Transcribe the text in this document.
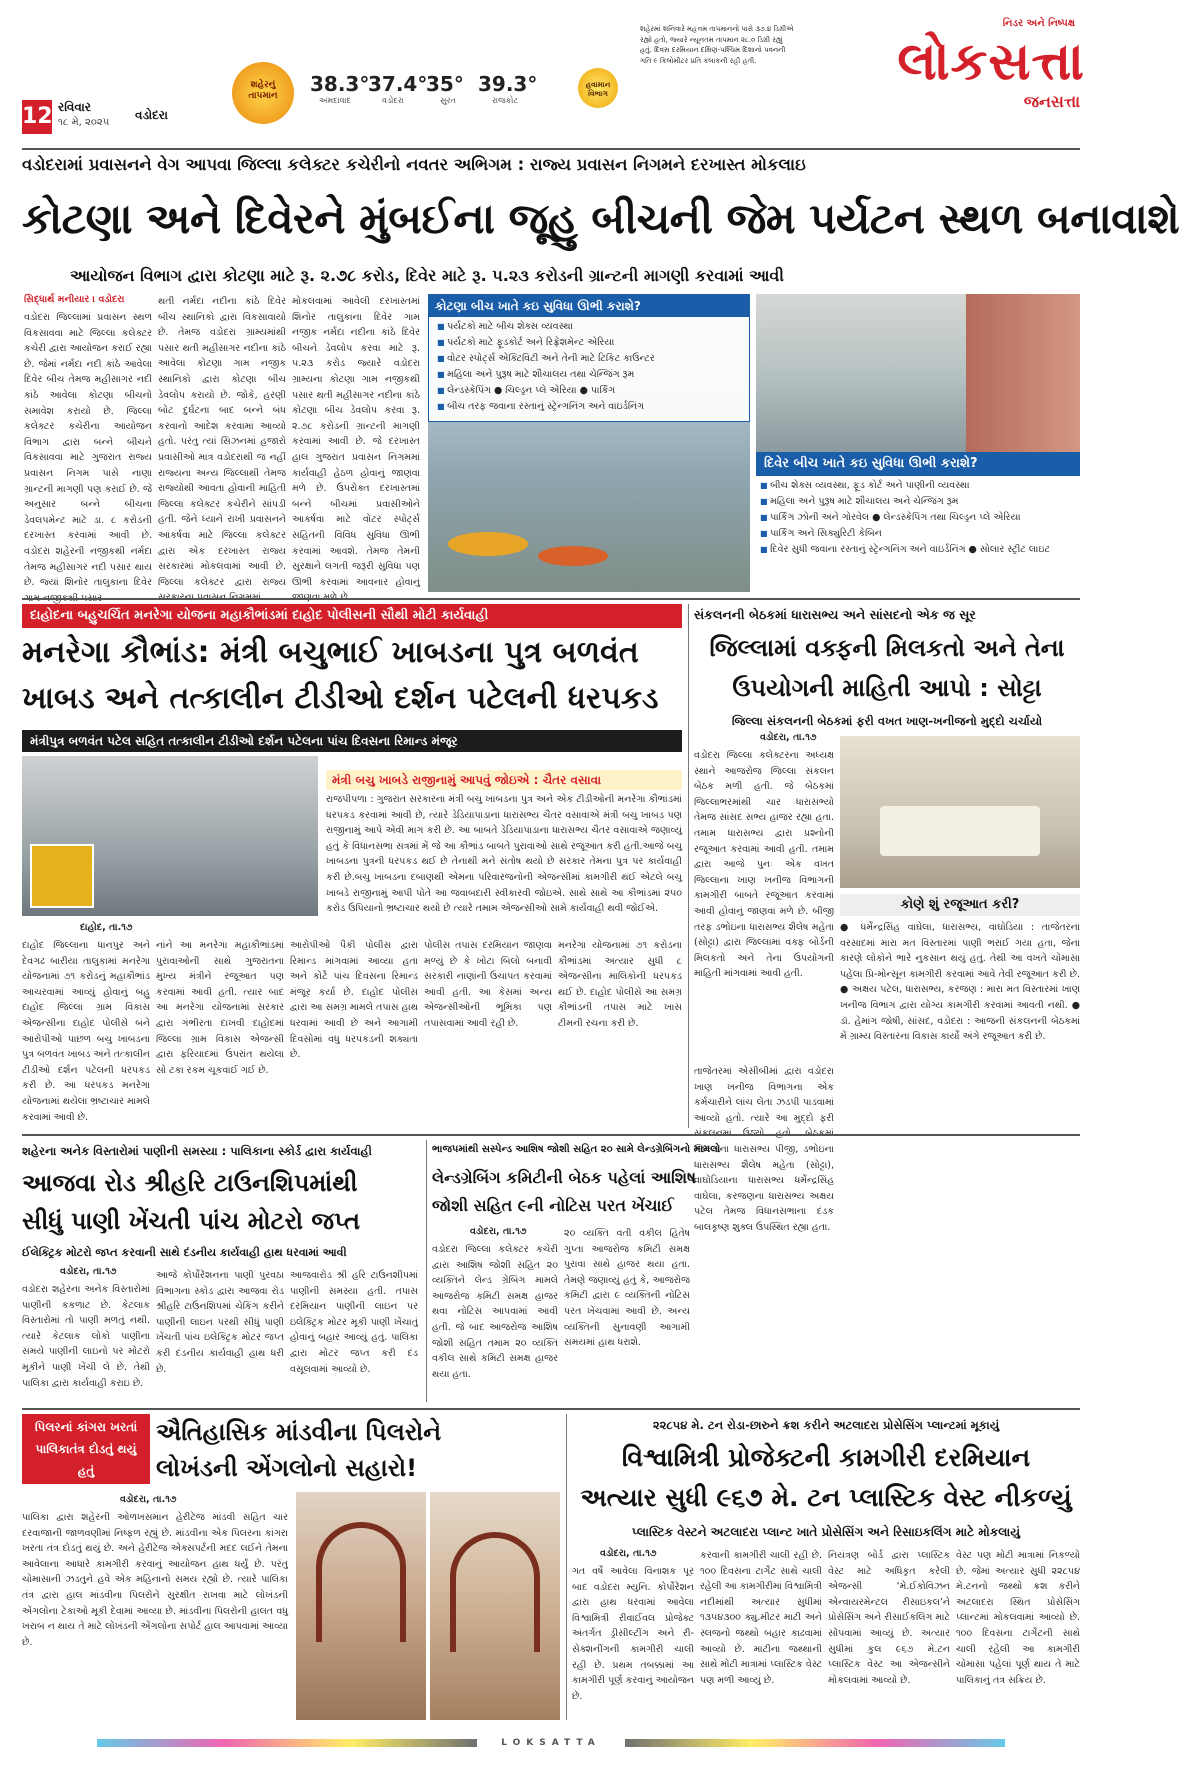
12 રવિવાર
૧૮ મે, ૨૦૨૫
વડોદરા
શહેરનું તાપમાન	38.3°
અમદાવાદ
37.4°
વડોદરા
35°
સુરત
39.3°
રાજકોટ
હવામાન વિભાગ
શહેરમાં શનિવારે મહત્તમ તાપમાનનો પારો ૩૭.૪ ડિગ્રીએ રહ્યો હતો, જ્યારે ન્યૂનતમ તાપમાન ૨૮.૦ ડિગ્રી રહ્યું હતું. દિવસ દરમિયાન દક્ષિણ-પશ્ચિમ દિશાનો પવનની ગતિ ૯ કિલોમીટર પ્રતિ કલાકની રહી હતી.
નિડર અને નિષ્પક્ષ
લોકસત્તા
જનસત્તા
વડોદરામાં પ્રવાસનને વેગ આપવા જિલ્લા કલેક્ટર કચેરીનો નવતર અભિગમ : રાજ્ય પ્રવાસન નિગમને દરખાસ્ત મોકલાઇ
કોટણા અને દિવેરને મુંબઈના જૂહુ બીચની જેમ પર્યટન સ્થળ બનાવાશે
આયોજન વિભાગ દ્વારા કોટણા માટે રૂ. ૨.૭૮ કરોડ, દિવેર માટે રૂ. ૫.૨૩ કરોડની ગ્રાન્ટની માગણી કરવામાં આવી
સિદ્ધાર્થ મનીયાર । વડોદરા
વડોદરા જિલ્લામાં પ્રવાસન સ્થળ વિકસાવવા માટે જિલ્લા કલેક્ટર કચેરી દ્વારા આયોજન કરાઈ રહ્યા છે. જેમાં નર્મદા નદી કાંઠે આવેલા દિવેર બીચ તેમજ મહીસાગર નદી કાંઠે આવેલા કોટણા બીચનો સમાવેશ કરાયો છે. જિલ્લા કલેક્ટર કચેરીના આયોજન વિભાગ દ્વારા બન્ને બીચને વિકસાવવા માટે ગુજરાત રાજ્ય પ્રવાસન નિગમ પાસે નાણા ગ્રાન્ટની માગણી પણ કરાઈ છે. જે અનુસાર બન્ને બીચના ડેવલપમેન્ટ માટે ડા. ૮ કરોડની દરખાસ્ત કરવામાં આવી છે. વડોદરા શહેરની નજીકથી નર્મદા તેમજ મહીસાગર નદી પસાર થાય છે. જ્યાં શિનોર તાલુકાના દિવેર
થતી નર્મદા નદીના કાંઠે દિવેર બીચ સ્થાનિકો દ્વારા વિકસાવાયો છે. તેમજ વડોદરા ગ્રામ્યમાંથી પસાર થતી મહીસાગર નદીના કાંઠે આવેલા કોટણા ગામ નજીક સ્થાનિકો દ્વારા કોટણા બીચ ડેવલોપ કરાયો છે. જોકે, હરણી બોટ દુર્ઘટના બાદ બન્ને બંધ કરવાનો આદેશ કરવામાં આવ્યો હતો. પરંતુ ત્યાં સિઝનમાં હજારો પ્રવાસીઓ માત્ર વડોદરાથી જ નહીં રાજ્યના અન્ય જિલ્લાથી તેમજ રાજ્યોથી આવતા હોવાની માહિતી જિલ્લા કલેક્ટર કચેરીને સાંપડી હતી. જેને ધ્યાને રાખી પ્રવાસનને આકર્ષવા માટે જિલ્લા કલેક્ટર દ્વારા એક દરખાસ્ત રાજ્ય સરકારમાં મોકલવામાં આવી છે. જિલ્લા કલેક્ટર દ્વારા રાજ્ય
મોકલવામાં આવેલી દરખાસ્તમાં શિનોર તાલુકાના દિવેર ગામ નજીક નર્મદા નદીના કાંઠે દિવેર બીચને ડેવલોપ કરવા માટે રૂ. ૫.૨૩ કરોડ જ્યારે વડોદરા ગ્રામ્યના કોટણા ગામ નજીકથી પસાર થતી મહીસાગર નદીના કાંઠે કોટણા બીચ ડેવલોપ કરવા રૂ. ૨.૭૮ કરોડની ગ્રાન્ટની માગણી કરવામાં આવી છે. જે દરખાસ્ત હાલ ગુજરાત પ્રવાસન નિગમમાં કાર્યવાહી હેઠળ હોવાનું જાણવા મળે છે. ઉપરોક્ત દરખાસ્તમાં બન્ને બીચમાં પ્રવાસીઓને આકર્ષવા માટે વોટર સ્પોર્ટ્સ સહિતની વિવિધ સુવિધા ઊભી કરવામાં આવશે. તેમજ તેમની સુરક્ષાને લગતી જરૂરી સુવિધા પણ ઊભી કરવામાં આવનાર હોવાનું
કોટણા બીચ ખાતે કઇ સુવિધા ઊભી કરાશે?
■ પર્યટકો માટે બીચ શેક્સ વ્યવસ્થા
■ પર્યટકો માટે ફૂડકોર્ટ અને રિફ્રેશમેન્ટ એરિયા
■ વોટર સ્પોર્ટ્સ એક્ટિવિટી અને તેની માટે ટિકિટ કાઉન્ટર
■ મહિલા અને પુરૂષ માટે શૌચાલય તથા ચેન્જિંગ રૂમ
■ લેન્ડસ્કેપિંગ ● ચિલ્ડ્રન પ્લે એરિયા ● પાર્કિંગ
■ બીચ તરફ જવાના રસ્તાનું સ્ટ્રેન્ગનિંગ અને વાઇર્ડનિંગ
દિવેર બીચ ખાતે કઇ સુવિધા ઊભી કરાશે?
■ બીચ શેક્સ વ્યવસ્થા, ફૂડ કોર્ટ અને પાણીની વ્યવસ્થા
■ મહિલા અને પુરૂષ માટે શૌચાલય અને ચેન્જિંગ રૂમ
■ પાર્કિંગ ઝોની અને ગોરવેલ ● લેન્ડસ્કેપિંગ તથા ચિલ્ડ્રન પ્લે એરિયા
■ પાર્કિંગ અને સિક્યુરિટી કેબિન
■ દિવેર સુધી જવાના રસ્તાનું સ્ટ્રેન્ગનિંગ અને વાઇર્ડનિંગ ● સોલાર સ્ટ્રીટ લાઇટ
દાહોદના બહુચર્ચિત મનરેગા યોજના મહાકૌભાંડમાં દાહોદ પોલીસની સૌથી મોટી કાર્યવાહી
મનરેગા કૌભાંડ: મંત્રી બચુભાઈ ખાબડના પુત્ર બળવંત
ખાબડ અને તત્કાલીન ટીડીઓ દર્શન પટેલની ધરપકડ
મંત્રીપુત્ર બળવંત પટેલ સહિત તત્કાલીન ટીડીઓ દર્શન પટેલના પાંચ દિવસના રિમાન્ડ મંજૂર
મંત્રી બચુ ખાબડે રાજીનામું આપવું જોઇએ : ચૈતર વસાવા
રાજપીપળા : ગુજરાત સરકારના મંત્રી બચુ ખાબડના પુત્ર અને એક ટીડીઓની મનરેગા કૌભાંડમાં ધરપકડ કરવામાં આવી છે, ત્યારે ડેડિયાપાડાના ધારાસભ્ય ચૈતર વસાવાએ મંત્રી બચુ ખાબડ પણ રાજીનામું આપે એવી માગ કરી છે. આ બાબતે ડેડિયાપાડાના ધારાસભ્ય ચૈતર વસાવાએ જણાવ્યું હતું કે વિધાનસભા સત્રમાં મેં જે આ કૌભાંડ બાબતે પુરાવાઓ સાથે રજૂઆત કરી હતી.આજે બચુ ખાબડના પુત્રની ધરપકડ થઈ છે તેનાથી મને સંતોષ થયો છે સરકાર તેમના પુત્ર પર કાર્યવાહી કરી છે.બચુ ખાબડના દબાણથી એમના પરિવારજનોની એજન્સીમાં કામગીરી થઈ એટલે બચુ ખાબડે રાજીનામું આપી પોતે આ જવાબદારી સ્વીકારવી જોઇએ. સાથે સાથે આ કૌભાંડમાં ૨૫૦ કરોડ ઉપિયાનો ભ્રષ્ટાચાર થયો છે ત્યારે તમામ એજન્સીઓ સામે કાર્યવાહી થવી જોઈએ.
દાહોદ, તા.૧૭
દાહોદ જિલ્લાના ધાનપુર અને દેવગઢ બારીયા તાલુકામાં મનરેગા યોજનામાં ૭૧ કરોડનું મહાકૌભાંડ આચરવામાં આવ્યું હોવાનું બહુ દાહોદ જિલ્લા ગ્રામ વિકાસ એજન્સીના દાહોદ પોલીસે બંને આરોપીઓ પાછળ બચુ ખાબડના પુત્ર બળવંત ખાબડ અને તત્કાલીન ટીડીઓ દર્શન પટેલની ધરપકડ કરી છે. આ ધરપકડ મનરેગા યોજનામાં થયેલા ભ્રષ્ટાચાર મામલે કરવામાં આવી છે.
નાંને આ મનરેગા મહાકૌભાંડમાં પુરાવાઓની સાથે ગુજરાતના મુખ્ય મંત્રીને રજૂઆત પણ કરવામાં આવી હતી. ત્યાર બાદ આ મનરેગા યોજનામાં સરકાર દ્વારા ગંભીરતા દાખવી દાહોદમાં જિલ્લા ગ્રામ વિકાસ એજન્સી દ્વારા ફરિયાદમાં ઉપરાંત થયેલા સો ટકા રકમ ચૂકવાઈ ગઈ છે.
આરોપીઓ પૈકી પોલીસ દ્વારા રિમાન્ડ માંગવામાં આવ્યા હતા અને કોર્ટે પાંચ દિવસના રિમાન્ડ મંજૂર કર્યા છે. દાહોદ પોલીસ દ્વારા આ સમગ્ર મામલે તપાસ હાથ ધરવામાં આવી છે અને આગામી દિવસોમાં વધુ ધરપકડની શક્યતા છે.
પોલીસ તપાસ દરમિયાન જાણવા મળ્યું છે કે ખોટા બિલો બનાવી સરકારી નાણાંની ઉચાપત કરવામાં આવી હતી. આ કેસમાં અન્ય એજન્સીઓની ભૂમિકા પણ તપાસવામાં આવી રહી છે.
મનરેગા યોજનામાં ૭૧ કરોડના કૌભાંડમાં અત્યાર સુધી ૮ એજન્સીના માલિકોની ધરપકડ થઈ છે. દાહોદ પોલીસે આ સમગ્ર કૌભાંડની તપાસ માટે ખાસ ટીમની રચના કરી છે.
સંકલનની બેઠકમાં ધારાસભ્ય અને સાંસદનો એક જ સૂર
જિલ્લામાં વક્ફની મિલકતો અને તેના
ઉપયોગની માહિતી આપો : સોટ્ટા
જિલ્લા સંકલનની બેઠકમાં ફરી વખત ખાણ-ખનીજનો મુદ્દો ચર્ચાયો
વડોદરા, તા.૧૭
વડોદરા જિલ્લા કલેક્ટરના અધ્યક્ષ સ્થાને આજરોજ જિલ્લા સંકલન બેઠક મળી હતી. જે બેઠકમાં જિલ્લાભરમાંથી ચાર ધારાસભ્યો તેમજ સાંસદ સભ્ય હાજર રહ્યા હતા. તમામ ધારાસભ્ય દ્વારા પ્રશ્નોની રજૂઆત કરવામાં આવી હતી. તમામ દ્વારા આજે પુનઃ એક વખત જિલ્લાના ખાણ ખનીજ વિભાગની કામગીરી બાબતે રજૂઆત કરવામાં આવી હોવાનું જાણવા મળે છે. બીજી તરફ ડભોઇના ધારાસભ્ય શૈલેષ મહેતા (સોટ્ટા) દ્વારા જિલ્લામાં વક્ફ બોર્ડની મિલકતો અને તેના ઉપયોગની માહિતી માંગવામાં આવી હતી.
કોણે શું રજૂઆત કરી?
● ધર્મેન્દ્રસિંહ વાઘેલા, ધારાસભ્ય, વાઘોડિયા : તાજેતરના વરસાદમાં મારા મત વિસ્તારમાં પાણી ભરાઈ ગયા હતા, જેના કારણે લોકોને ભારે નુકસાન થયું હતું. તેથી આ વખતે ચોમાસા પહેલા પ્રિ-મોન્સૂન કામગીરી કરવામાં આવે તેવી રજૂઆત કરી છે. ● અક્ષય પટેલ, ધારાસભ્ય, કરજણ : મારા મત વિસ્તારમાં ખાણ ખનીજ વિભાગ દ્વારા યોગ્ય કામગીરી કરવામાં આવતી નથી. ● ડૉ. હેમાંગ જોષી, સાંસદ, વડોદરા : આજની સંકલનની બેઠકમાં મેં ગ્રામ્ય વિસ્તારના વિકાસ કાર્યો અંગે રજૂઆત કરી છે.
તાજેતરમાં એસીબીમાં દ્વારા વડોદરા ખાણ ખનીજ વિભાગના એક કર્મચારીને લાંચ લેતા ઝડપી પાડવામાં આવ્યો હતો. ત્યારે આ મુદ્દો ફરી જિલ્લાના ધારાસભ્ય પીજી, ડભોઇના ધારાસભ્ય શૈલેષ મહેતા (સોટ્ટા), વાઘોડિયાના ધારાસભ્ય ધર્મેન્દ્રસિંહ વાઘેલા, કરજણના ધારાસભ્ય અક્ષય પટેલ તેમજ વિધાનસભાના દંડક બાલકૃષ્ણ શુક્લ ઉપસ્થિત રહ્યા હતા.
શહેરના અનેક વિસ્તારોમાં પાણીની સમસ્યા : પાલિકાના સ્કોર્ડ દ્વારા કાર્યવાહી
આજવા રોડ શ્રીહરિ ટાઉનશિપમાંથી
સીધું પાણી ખેંચતી પાંચ મોટરો જપ્ત
ઈલેક્ટ્રિક મોટરો જપ્ત કરવાની સાથે દંડનીય કાર્યવાહી હાથ ધરવામાં આવી
વડોદરા, તા.૧૭
વડોદરા શહેરના અનેક વિસ્તારોમાં પાણીની કકળાટ છે. કેટલાક વિસ્તારોમાં તો પાણી મળતું નથી. ત્યારે કેટલાક લોકો પાણીના સમયે પાણીની લાઇનો પર મોટરો મૂકીને પાણી ખેંચી લે છે. તેથી પાલિકા દ્વારા કાર્યવાહી કરાઇ છે.
આજે કોર્પોરેશનના પાણી પુરવઠા વિભાગના સ્કોડ દ્વારા આજવા રોડ શ્રીહરિ ટાઉનશિપમાં ચેકિંગ કરીને પાણીની લાઇન પરથી સીધું પાણી ખેંચતી પાંચ ઇલેક્ટ્રિક મોટર જપ્ત કરી દંડનીય કાર્યવાહી હાથ ધરી છે.
આજવારોડ શ્રી હરિ ટાઉનશીપમાં પાણીની સમસ્યા હતી. તપાસ દરમિયાન પાણીની લાઇન પર ઇલેક્ટ્રિક મોટર મૂકી પાણી ખેંચાતું હોવાનું બહાર આવ્યું હતું. પાલિકા દ્વારા મોટર જપ્ત કરી દંડ વસૂલવામાં આવ્યો છે.
ભાજપમાંથી સસ્પેન્ડ આશિષ જોશી સહિત ૨૦ સામે લેન્ડગ્રેબિંગનો મામલો
લેન્ડગ્રેબિંગ કમિટીની બેઠક પહેલાં આશિષ
જોશી સહિત ૯ની નોટિસ પરત ખેંચાઈ
વડોદરા, તા.૧૭
વડોદરા જિલ્લા કલેક્ટર કચેરી દ્વારા આશિષ જોશી સહિત ૨૦ વ્યક્તિને લેન્ડ ગ્રેબિંગ મામલે આજરોજ કમિટી સમક્ષ હાજર થવા નોટિસ આપવામાં આવી હતી. જે બાદ આજરોજ આશિષ જોશી સહિત તમામ ૨૦ વ્યક્તિ વકીલ સાથે કમિટી સમક્ષ હાજર થયા હતા.
૨૦ વ્યક્તિ વતી વકીલ હિતેષ ગુપ્તા આજરોજ કમિટી સમક્ષ પુરાવા સાથે હાજર થયા હતા. તેમણે જણાવ્યું હતું કે, આજરોજ કમિટી દ્વારા ૯ વ્યક્તિની નોટિસ પરત ખેંચવામાં આવી છે. અન્ય વ્યક્તિની સુનાવણી આગામી સમયમાં હાથ ધરાશે.
પિલરનાં કાંગરા ખરતાં પાલિકાતંત્ર દોડતું થયું હતું
ઐતિહાસિક માંડવીના પિલરોને
લોખંડની એંગલોનો સહારો!
વડોદરા, તા.૧૭
પાલિકા દ્વારા શહેરની ઓળખસમાન હેરીટેજ માંડવી સહિત ચાર દરવાજાની જાળવણીમાં નિષ્ફળ રહ્યું છે. માંડવીના એક પિલરના કાંગરા ખરતા તંત્ર દોડતું થયું છે. અને હેરીટેજ એક્સપર્ટની મદદ લઈને તેમના આવેલાના આધારે કામગીરી કરવાનું આયોજન હાથ ધર્યું છે. પરંતુ ચોમાસાની ઝડતુને હવે એક મહિનાનો સમય રહ્યો છે. ત્યારે પાલિકા તંત્ર દ્વારા હાલ માંડવીના પિલરોને સુરક્ષીત રાખવા માટે લોખંડની એંગલોના ટેકાઓ મૂકી દેવામાં આવ્યા છે. માંડવીના પિલરોની હાલત વધુ ખરાબ ન થાય તે માટે લોખંડની એંગલોના સપોર્ટ હાલ આપવામાં આવ્યા છે.
૨૨૮૫૪ મે. ટન રોડા-છારુને ક્રશ કરીને અટલાદરા પ્રોસેસિંગ પ્લાન્ટમાં મૂકાયું
વિશ્વામિત્રી પ્રોજેક્ટની કામગીરી દરમિયાન
અત્યાર સુધી ૯૬૭ મે. ટન પ્લાસ્ટિક વેસ્ટ નીકળ્યું
પ્લાસ્ટિક વેસ્ટને અટલાદરા પ્લાન્ટ ખાતે પ્રોસેસિંગ અને રિસાઇકલિંગ માટે મોકલાયું
વડોદરા, તા.૧૭
ગત વર્ષે આવેલા વિનાશક પૂર બાદ વડોદરા મ્યુનિ. કોર્પોરેશન દ્વારા હાથ ધરવામાં આવેલા વિશ્વામિત્રી રીવાઈવલ પ્રોજેક્ટ અંતર્ગત ડ્રીસીલ્ટીંગ અને રી-સેક્શનીંગની કામગીરી ચાલી રહી છે. પ્રથમ તબક્કામાં આ કામગીરી પૂર્ણ કરવાનું આયોજન છે.
કરવાની કામગીરી ચાલી રહી છે. ૧૦૦ દિવસના ટાર્ગેટ સાથે ચાલી રહેલી આ કામગીરીમાં વિશ્વામિત્રી નદીમાંથી અત્યાર સુધીમાં ૧૩૫૪૩૦૦ ક્યુ.મીટર માટી અને સ્લજનો જથ્થો બહાર કાઢવામાં આવ્યો છે. માટીના જથ્થાની સાથે મોટી માત્રામાં પ્લાસ્ટિક વેસ્ટ પણ મળી આવ્યું છે.
નિયંત્રણ બોર્ડ દ્વારા પ્લાસ્ટિક વેસ્ટ માટે અધિકૃત કરેલી એજન્સી ‘મે.ઈકોવિઝન એન્વાયરમેન્ટલ રીસાઇકલ’ને પ્રોસેસિંગ અને રીસાઈકલિંગ માટે સોંપવામાં આવ્યું છે. અત્યાર સુધીમાં કુલ ૯૬૭ મે.ટન પ્લાસ્ટિક વેસ્ટ આ એજન્સીને મોકલવામાં આવ્યો છે.
વેસ્ટ પણ મોટી માત્રામાં નિકળ્યો છે. જેમાં અત્યાર સુધી ૨૨૮૫૪ મે.ટનનો જથ્થો ક્રશ કરીને અટલાદરા સ્થિત પ્રોસેસિંગ પ્લાન્ટમાં મોકલવામાં આવ્યો છે. ૧૦૦ દિવસના ટાર્ગેટની સાથે ચાલી રહેલી આ કામગીરી ચોમાસા પહેલાં પૂર્ણ થાય તે માટે પાલિકાનું તંત્ર સક્રિય છે.
LOKSATTA
